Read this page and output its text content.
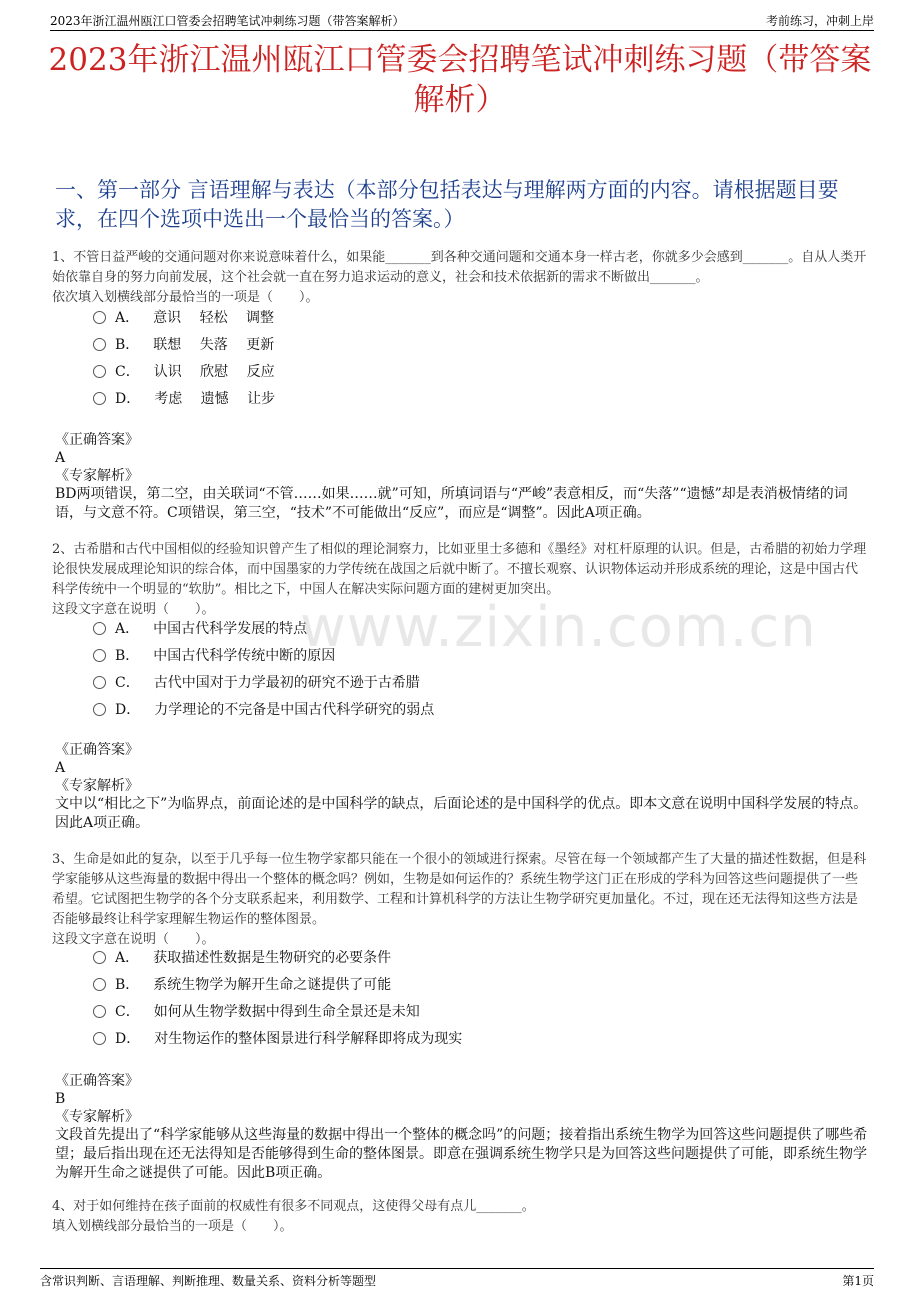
2023年浙江温州瓯江口管委会招聘笔试冲刺练习题（带答案解析）	考前练习，冲刺上岸
2023年浙江温州瓯江口管委会招聘笔试冲刺练习题（带答案解析）
一、第一部分 言语理解与表达（本部分包括表达与理解两方面的内容。请根据题目要求，在四个选项中选出一个最恰当的答案。）
www.zixin.com.cn

1、不管日益严峻的交通问题对你来说意味着什么，如果能_______到各种交通问题和交通本身一样古老，你就多少会感到_______。自从人类开始依靠自身的努力向前发展，这个社会就一直在努力追求运动的意义，社会和技术依据新的需求不断做出_______。

依次填入划横线部分最恰当的一项是（　　）。

A． 意识　 轻松　 调整
B． 联想　 失落　 更新
C． 认识　 欣慰　 反应
D． 考虑　 遗憾　 让步

《正确答案》

A

《专家解析》

BD两项错误，第二空，由关联词“不管……如果……就”可知，所填词语与“严峻”表意相反，而“失落”“遗憾”却是表消极情绪的词语，与文意不符。C项错误，第三空，“技术”不可能做出“反应”，而应是“调整”。因此A项正确。

2、古希腊和古代中国相似的经验知识曾产生了相似的理论洞察力，比如亚里士多德和《墨经》对杠杆原理的认识。但是，古希腊的初始力学理论很快发展成理论知识的综合体，而中国墨家的力学传统在战国之后就中断了。不擅长观察、认识物体运动并形成系统的理论，这是中国古代科学传统中一个明显的“软肋”。相比之下，中国人在解决实际问题方面的建树更加突出。

这段文字意在说明（　　）。

A． 中国古代科学发展的特点
B． 中国古代科学传统中断的原因
C． 古代中国对于力学最初的研究不逊于古希腊
D． 力学理论的不完备是中国古代科学研究的弱点

《正确答案》

A

《专家解析》

文中以“相比之下”为临界点，前面论述的是中国科学的缺点，后面论述的是中国科学的优点。即本文意在说明中国科学发展的特点。因此A项正确。

3、生命是如此的复杂，以至于几乎每一位生物学家都只能在一个很小的领域进行探索。尽管在每一个领域都产生了大量的描述性数据，但是科学家能够从这些海量的数据中得出一个整体的概念吗？例如，生物是如何运作的？系统生物学这门正在形成的学科为回答这些问题提供了一些希望。它试图把生物学的各个分支联系起来，利用数学、工程和计算机科学的方法让生物学研究更加量化。不过，现在还无法得知这些方法是否能够最终让科学家理解生物运作的整体图景。

这段文字意在说明（　　）。

A． 获取描述性数据是生物研究的必要条件
B． 系统生物学为解开生命之谜提供了可能
C． 如何从生物学数据中得到生命全景还是未知
D． 对生物运作的整体图景进行科学解释即将成为现实

《正确答案》

B

《专家解析》

文段首先提出了“科学家能够从这些海量的数据中得出一个整体的概念吗”的问题；接着指出系统生物学为回答这些问题提供了哪些希望；最后指出现在还无法得知是否能够得到生命的整体图景。即意在强调系统生物学只是为回答这些问题提供了可能，即系统生物学为解开生命之谜提供了可能。因此B项正确。

4、对于如何维持在孩子面前的权威性有很多不同观点，这使得父母有点儿_______。

填入划横线部分最恰当的一项是（　　）。

含常识判断、言语理解、判断推理、数量关系、资料分析等题型	第1页
